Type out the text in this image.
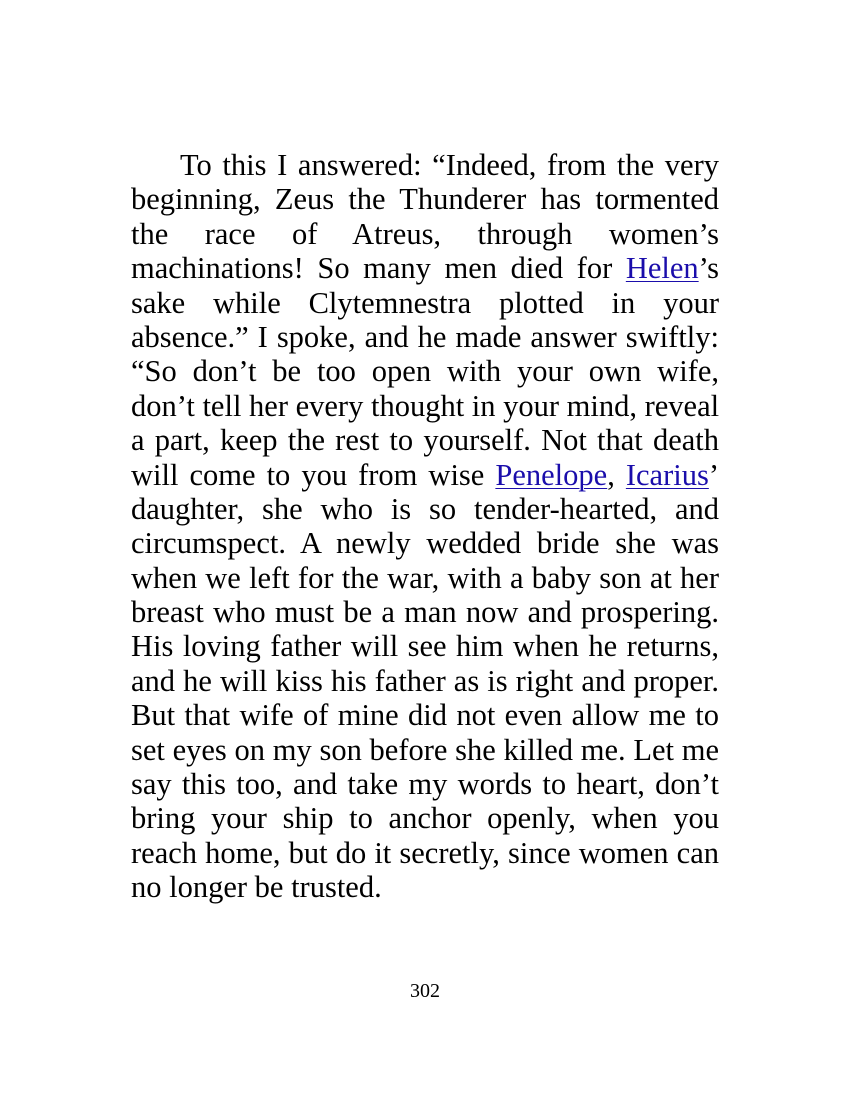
To this I answered: “Indeed, from the very
beginning, Zeus the Thunderer has tormented
the race of Atreus, through women’s
machinations! So many men died for Helen’s
sake while Clytemnestra plotted in your
absence.” I spoke, and he made answer swiftly:
“So don’t be too open with your own wife,
don’t tell her every thought in your mind, reveal
a part, keep the rest to yourself. Not that death
will come to you from wise Penelope, Icarius’
daughter, she who is so tender-hearted, and
circumspect. A newly wedded bride she was
when we left for the war, with a baby son at her
breast who must be a man now and prospering.
His loving father will see him when he returns,
and he will kiss his father as is right and proper.
But that wife of mine did not even allow me to
set eyes on my son before she killed me. Let me
say this too, and take my words to heart, don’t
bring your ship to anchor openly, when you
reach home, but do it secretly, since women can
no longer be trusted.
302
